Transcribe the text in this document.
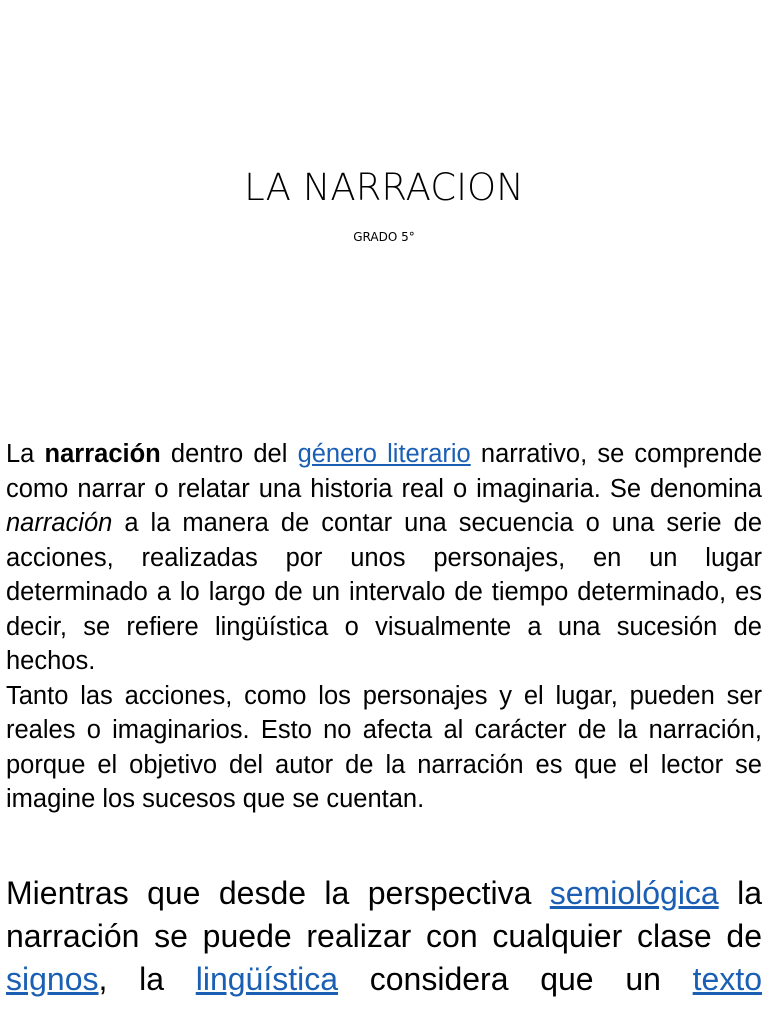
LA NARRACION
GRADO 5°

La narración dentro del género literario narrativo, se comprende como narrar o relatar una historia real o imaginaria. Se denomina narración a la manera de contar una secuencia o una serie de acciones, realizadas por unos personajes, en un lugar determinado a lo largo de un intervalo de tiempo determinado, es decir, se refiere lingüística o visualmente a una sucesión de hechos.

Tanto las acciones, como los personajes y el lugar, pueden ser reales o imaginarios. Esto no afecta al carácter de la narración, porque el objetivo del autor de la narración es que el lector se imagine los sucesos que se cuentan.

Mientras que desde la perspectiva semiológica la narración se puede realizar con cualquier clase de signos, la lingüística considera que un texto
